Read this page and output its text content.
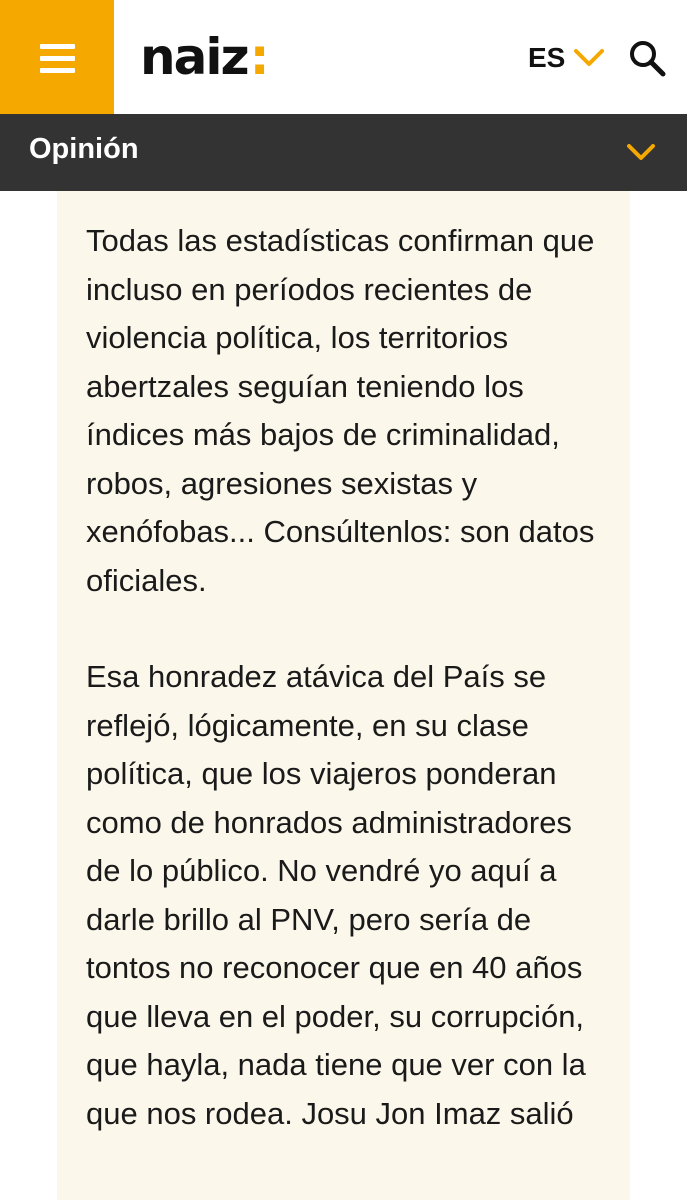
naiz :	ES
Opinión

Todas las estadísticas confirman que incluso en períodos recientes de violencia política, los territorios abertzales seguían teniendo los índices más bajos de criminalidad, robos, agresiones sexistas y xenófobas... Consúltenlos: son datos oficiales.

Esa honradez atávica del País se reflejó, lógicamente, en su clase política, que los viajeros ponderan como de honrados administradores de lo público. No vendré yo aquí a darle brillo al PNV, pero sería de tontos no reconocer que en 40 años que lleva en el poder, su corrupción, que hayla, nada tiene que ver con la que nos rodea. Josu Jon Imaz salió
